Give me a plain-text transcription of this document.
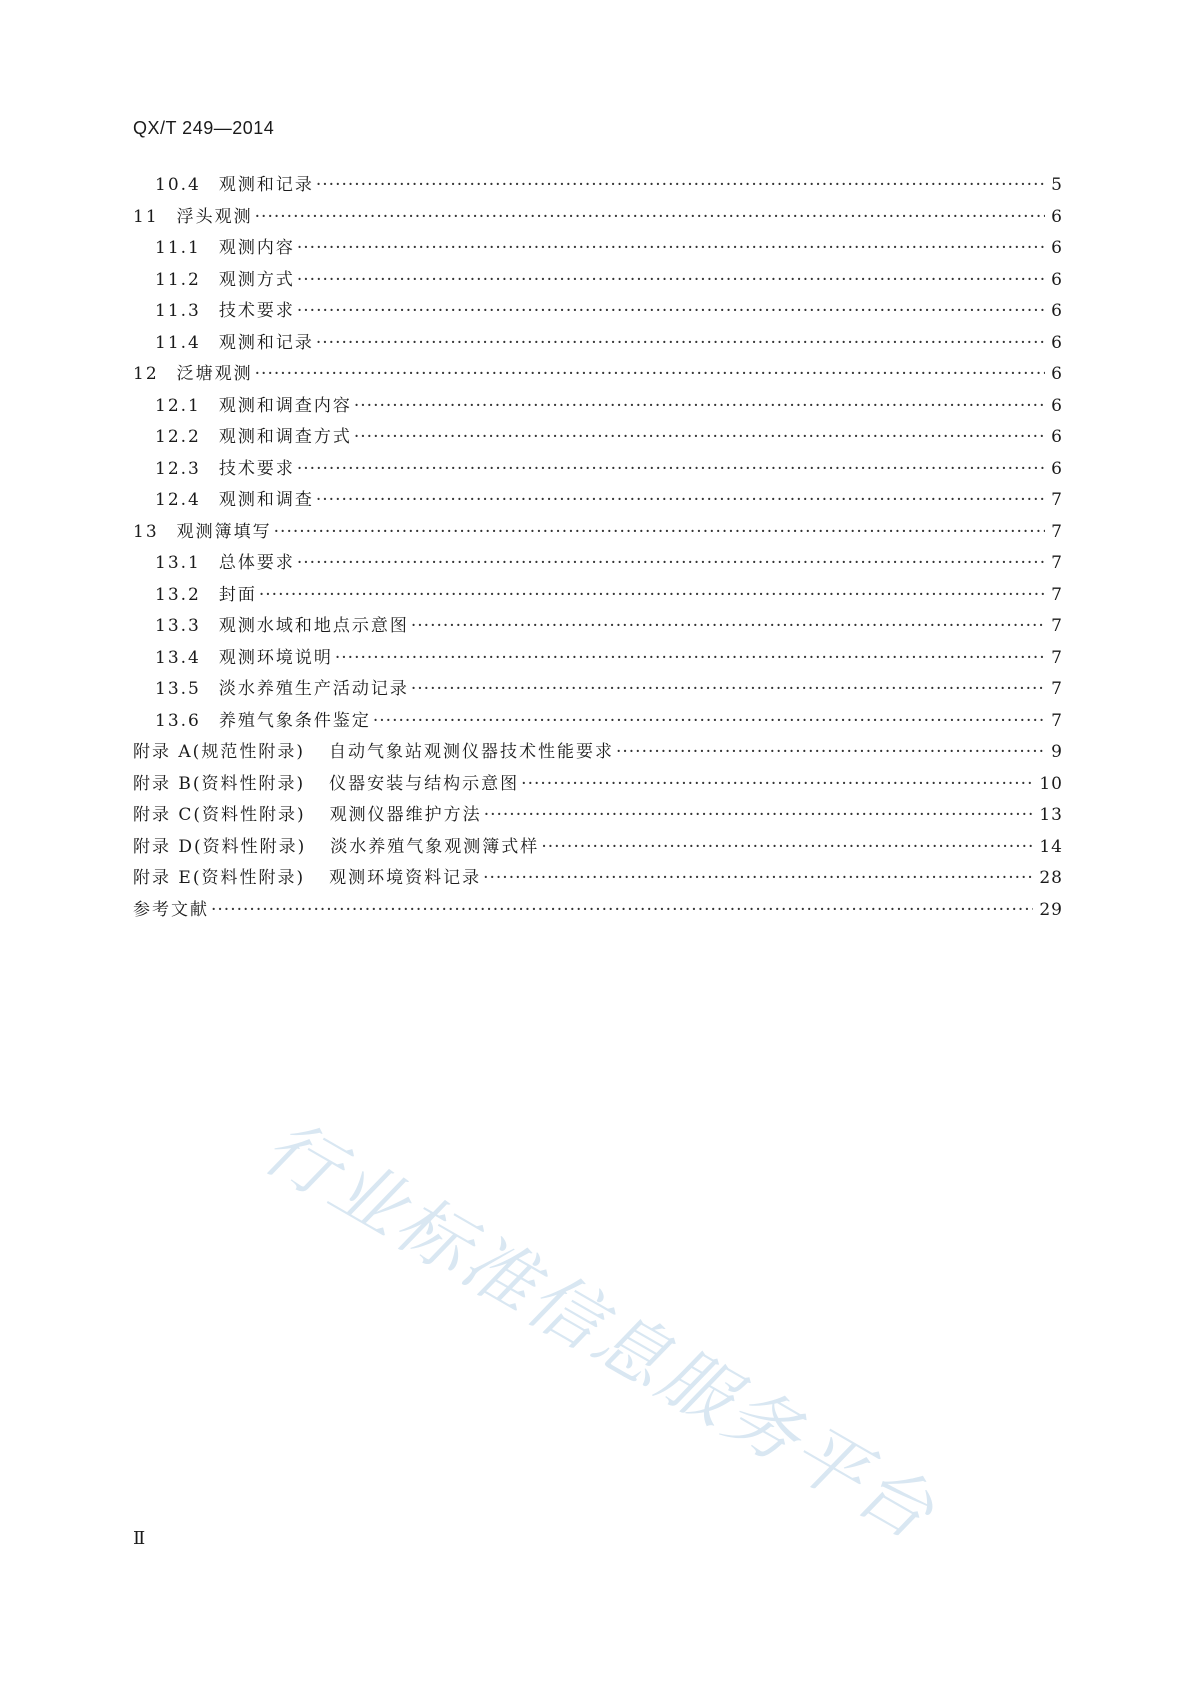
QX/T 249—2014
10.4 观测和记录 ·····	5
11 浮头观测 ·····	6
11.1 观测内容 ·····	6
11.2 观测方式 ·····	6
11.3 技术要求 ·····	6
11.4 观测和记录 ·····	6
12 泛塘观测 ·····	6
12.1 观测和调查内容 ·····	6
12.2 观测和调查方式 ·····	6
12.3 技术要求 ·····	6
12.4 观测和调查 ·····	7
13 观测簿填写 ·····	7
13.1 总体要求 ·····	7
13.2 封面 ·····	7
13.3 观测水域和地点示意图 ·····	7
13.4 观测环境说明 ·····	7
13.5 淡水养殖生产活动记录 ·····	7
13.6 养殖气象条件鉴定 ·····	7
附录 A(规范性附录) 自动气象站观测仪器技术性能要求 ·····	9
附录 B(资料性附录) 仪器安装与结构示意图 ·····	10
附录 C(资料性附录) 观测仪器维护方法 ·····	13
附录 D(资料性附录) 淡水养殖气象观测簿式样 ·····	14
附录 E(资料性附录) 观测环境资料记录 ·····	28
参考文献 ·····	29
行业标准信息服务平台
Ⅱ
